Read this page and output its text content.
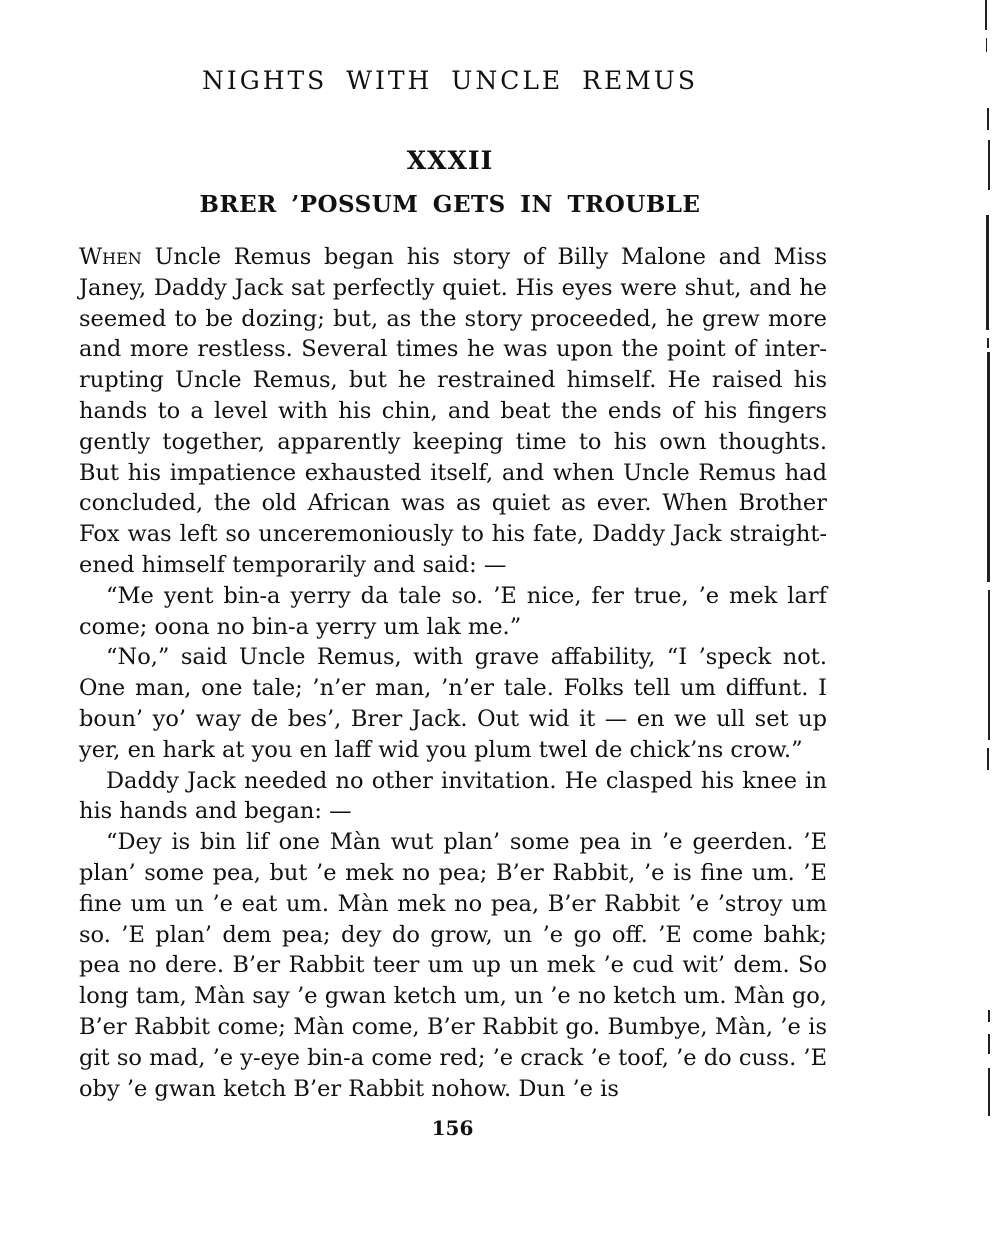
NIGHTS WITH UNCLE REMUS
XXXII
BRER ’POSSUM GETS IN TROUBLE

When Uncle Remus began his story of Billy Malone and Miss Janey, Daddy Jack sat perfectly quiet. His eyes were shut, and he seemed to be dozing; but, as the story proceeded, he grew more and more restless. Several times he was upon the point of interrupting Uncle Remus, but he restrained himself. He raised his hands to a level with his chin, and beat the ends of his fingers gently together, apparently keeping time to his own thoughts. But his impatience exhausted itself, and when Uncle Remus had concluded, the old African was as quiet as ever. When Brother Fox was left so unceremoniously to his fate, Daddy Jack straightened himself temporarily and said: —

“Me yent bin-a yerry da tale so. ’E nice, fer true, ’e mek larf come; oona no bin-a yerry um lak me.”

“No,” said Uncle Remus, with grave affability, “I ’speck not. One man, one tale; ’n’er man, ’n’er tale. Folks tell um diffunt. I boun’ yo’ way de bes’, Brer Jack. Out wid it — en we ull set up yer, en hark at you en laff wid you plum twel de chick’ns crow.”

Daddy Jack needed no other invitation. He clasped his knee in his hands and began: —

“Dey is bin lif one Màn wut plan’ some pea in ’e geerden. ’E plan’ some pea, but ’e mek no pea; B’er Rabbit, ’e is fine um. ’E fine um un ’e eat um. Màn mek no pea, B’er Rabbit ’e ’stroy um so. ’E plan’ dem pea; dey do grow, un ’e go off. ’E come bahk; pea no dere. B’er Rabbit teer um up un mek ’e cud wit’ dem. So long tam, Màn say ’e gwan ketch um, un ’e no ketch um. Màn go, B’er Rabbit come; Màn come, B’er Rabbit go. Bumbye, Màn, ’e is git so mad, ’e y-eye bin-a come red; ’e crack ’e toof, ’e do cuss. ’E oby ’e gwan ketch B’er Rabbit nohow. Dun ’e is

156
